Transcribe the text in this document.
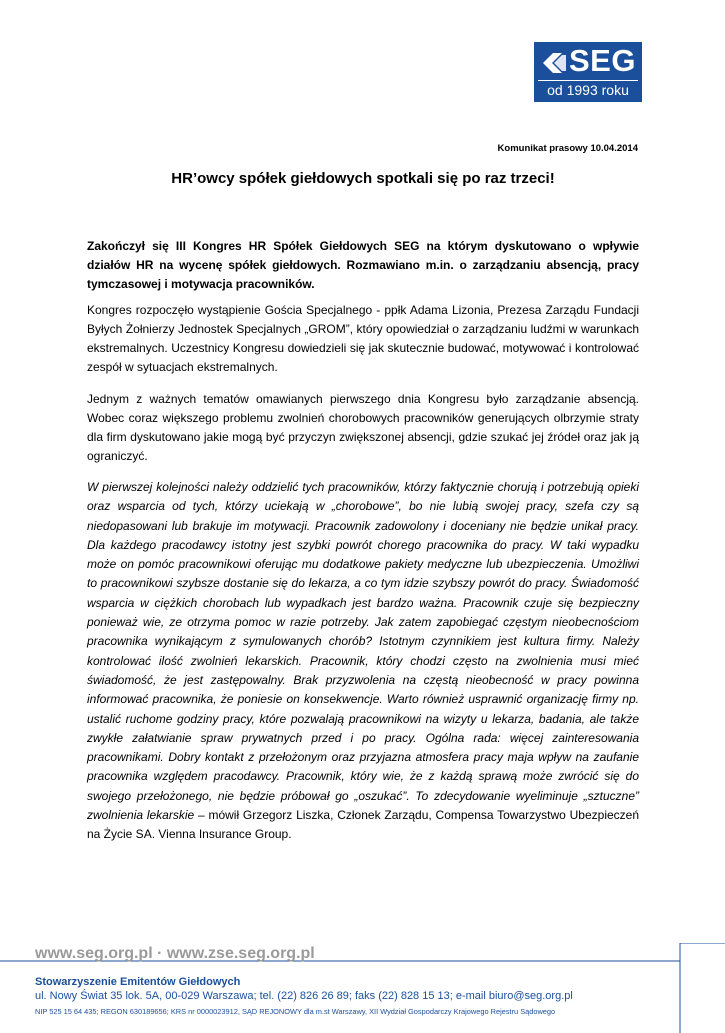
SEG
od 1993 roku
Komunikat prasowy 10.04.2014
HR’owcy spółek giełdowych spotkali się po raz trzeci!
Zakończył się III Kongres HR Spółek Giełdowych SEG na którym dyskutowano o wpływie działów HR na wycenę spółek giełdowych. Rozmawiano m.in. o zarządzaniu absencją, pracy tymczasowej i motywacja pracowników.
Kongres rozpoczęło wystąpienie Gościa Specjalnego - ppłk Adama Lizonia, Prezesa Zarządu Fundacji Byłych Żołnierzy Jednostek Specjalnych „GROM”, który opowiedział o zarządzaniu ludźmi w warunkach ekstremalnych. Uczestnicy Kongresu dowiedzieli się jak skutecznie budować, motywować i kontrolować zespół w sytuacjach ekstremalnych.
Jednym z ważnych tematów omawianych pierwszego dnia Kongresu było zarządzanie absencją. Wobec coraz większego problemu zwolnień chorobowych pracowników generujących olbrzymie straty dla firm dyskutowano jakie mogą być przyczyn zwiększonej absencji, gdzie szukać jej źródeł oraz jak ją ograniczyć.
W pierwszej kolejności należy oddzielić tych pracowników, którzy faktycznie chorują i potrzebują opieki oraz wsparcia od tych, którzy uciekają w „chorobowe”, bo nie lubią swojej pracy, szefa czy są niedopasowani lub brakuje im motywacji. Pracownik zadowolony i doceniany nie będzie unikał pracy. Dla każdego pracodawcy istotny jest szybki powrót chorego pracownika do pracy. W taki wypadku może on pomóc pracownikowi oferując mu dodatkowe pakiety medyczne lub ubezpieczenia. Umożliwi to pracownikowi szybsze dostanie się do lekarza, a co tym idzie szybszy powrót do pracy. Świadomość wsparcia w ciężkich chorobach lub wypadkach jest bardzo ważna. Pracownik czuje się bezpieczny ponieważ wie, ze otrzyma pomoc w razie potrzeby. Jak zatem zapobiegać częstym nieobecnościom pracownika wynikającym z symulowanych chorób? Istotnym czynnikiem jest kultura firmy. Należy kontrolować ilość zwolnień lekarskich. Pracownik, który chodzi często na zwolnienia musi mieć świadomość, że jest zastępowalny. Brak przyzwolenia na częstą nieobecność w pracy powinna informować pracownika, że poniesie on konsekwencje. Warto również usprawnić organizację firmy np. ustalić ruchome godziny pracy, które pozwalają pracownikowi na wizyty u lekarza, badania, ale także zwykłe załatwianie spraw prywatnych przed i po pracy. Ogólna rada: więcej zainteresowania pracownikami. Dobry kontakt z przełożonym oraz przyjazna atmosfera pracy maja wpływ na zaufanie pracownika względem pracodawcy. Pracownik, który wie, że z każdą sprawą może zwrócić się do swojego przełożonego, nie będzie próbował go „oszukać”. To zdecydowanie wyeliminuje „sztuczne” zwolnienia lekarskie – mówił Grzegorz Liszka, Członek Zarządu, Compensa Towarzystwo Ubezpieczeń na Życie SA. Vienna Insurance Group.
www.seg.org.pl · www.zse.seg.org.pl
Stowarzyszenie Emitentów Giełdowych
ul. Nowy Świat 35 lok. 5A, 00-029 Warszawa; tel. (22) 826 26 89; faks (22) 828 15 13; e-mail biuro@seg.org.pl
NIP 525 15 64 435; REGON 630189656; KRS nr 0000023912, SĄD REJONOWY dla m.st Warszawy, XII Wydział Gospodarczy Krajowego Rejestru Sądowego
